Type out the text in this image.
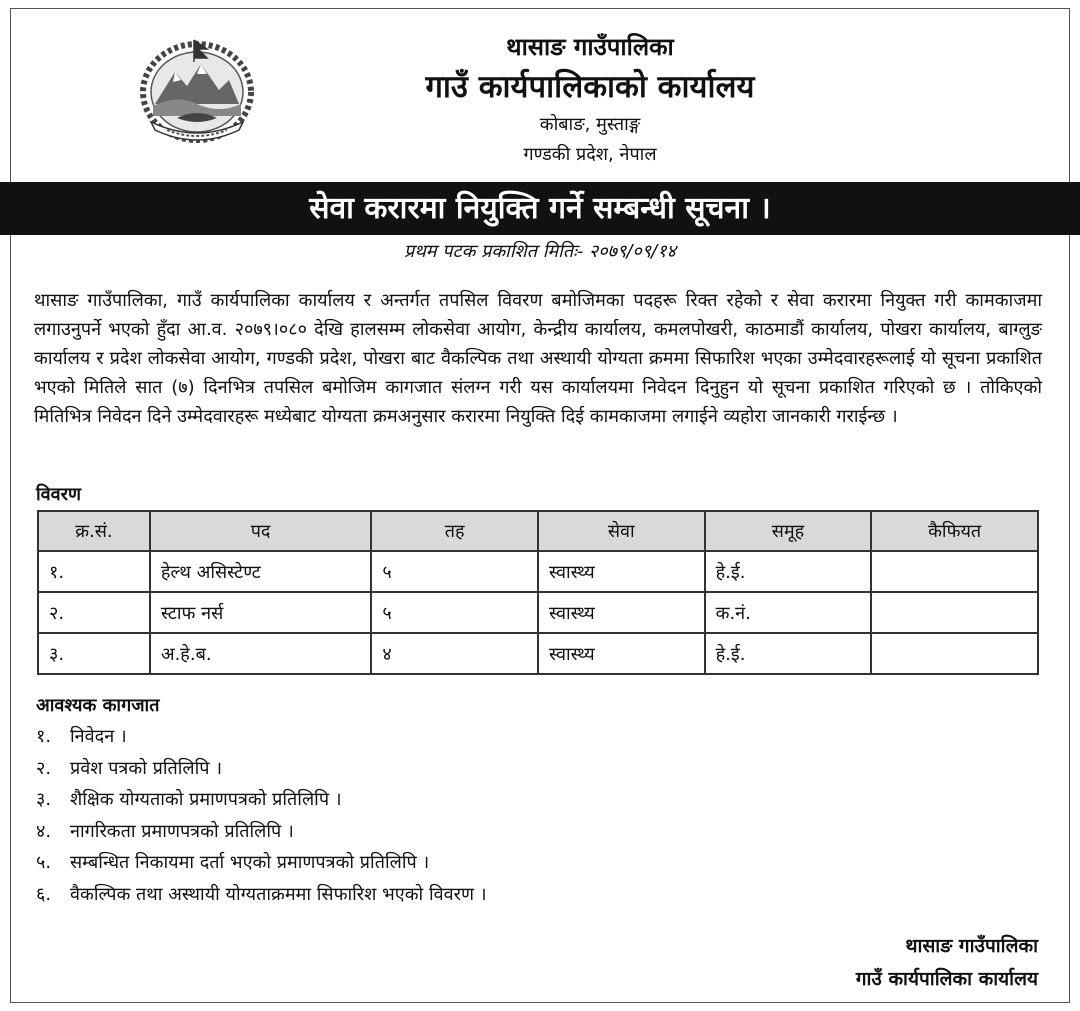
थासाङ गाउँपालिका
गाउँ कार्यपालिकाको कार्यालय
कोबाङ, मुस्ताङ्ग
गण्डकी प्रदेश, नेपाल
सेवा करारमा नियुक्ति गर्ने सम्बन्धी सूचना ।
प्रथम पटक प्रकाशित मितिः- २०७९/०९/१४

थासाङ गाउँपालिका, गाउँ कार्यपालिका कार्यालय र अन्तर्गत तपसिल विवरण बमोजिमका पदहरू रिक्त रहेको र सेवा करारमा नियुक्त गरी कामकाजमा लगाउनुपर्ने भएको हुँदा आ.व. २०७९।०८० देखि हालसम्म लोकसेवा आयोग, केन्द्रीय कार्यालय, कमलपोखरी, काठमाडौं कार्यालय, पोखरा कार्यालय, बाग्लुङ कार्यालय र प्रदेश लोकसेवा आयोग, गण्डकी प्रदेश, पोखरा बाट वैकल्पिक तथा अस्थायी योग्यता क्रममा सिफारिश भएका उम्मेदवारहरूलाई यो सूचना प्रकाशित भएको मितिले सात (७) दिनभित्र तपसिल बमोजिम कागजात संलग्न गरी यस कार्यालयमा निवेदन दिनुहुन यो सूचना प्रकाशित गरिएको छ । तोकिएको मितिभित्र निवेदन दिने उम्मेदवारहरू मध्येबाट योग्यता क्रमअनुसार करारमा नियुक्ति दिई कामकाजमा लगाईने व्यहोरा जानकारी गराईन्छ ।

विवरण
क्र.सं.	पद	तह	सेवा	समूह	कैफियत
१.	हेल्थ असिस्टेण्ट	५	स्वास्थ्य	हे.ई.	
२.	स्टाफ नर्स	५	स्वास्थ्य	क.नं.	
३.	अ.हे.ब.	४	स्वास्थ्य	हे.ई.	
आवश्यक कागजात
१. निवेदन ।
२. प्रवेश पत्रको प्रतिलिपि ।
३. शैक्षिक योग्यताको प्रमाणपत्रको प्रतिलिपि ।
४. नागरिकता प्रमाणपत्रको प्रतिलिपि ।
५. सम्बन्धित निकायमा दर्ता भएको प्रमाणपत्रको प्रतिलिपि ।
६. वैकल्पिक तथा अस्थायी योग्यताक्रममा सिफारिश भएको विवरण ।
थासाङ गाउँपालिका
गाउँ कार्यपालिका कार्यालय
